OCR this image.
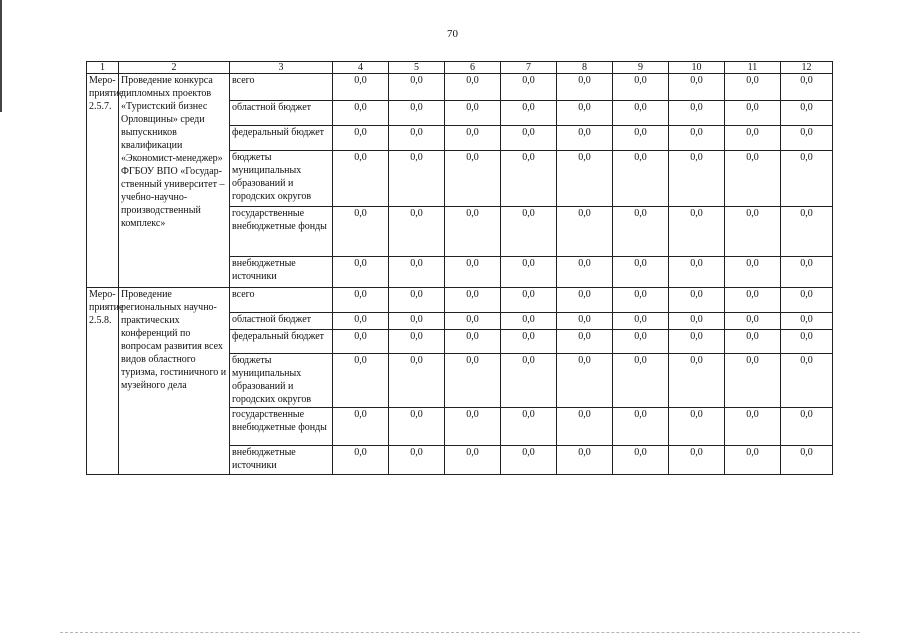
70
1	2	3	4	5	6	7	8	9	10	11	12
Меро-приятие 2.5.7.	Проведение конкурса дипломных проектов «Туристский бизнес Орловщины» среди выпускников квалификации «Экономист-менеджер» ФГБОУ ВПО «Государ-ственный университет – учебно-научно-производственный комплекс»	всего	0,0	0,0	0,0	0,0	0,0	0,0	0,0	0,0	0,0
		областной бюджет	0,0	0,0	0,0	0,0	0,0	0,0	0,0	0,0	0,0
		федеральный бюджет	0,0	0,0	0,0	0,0	0,0	0,0	0,0	0,0	0,0
		бюджеты муниципальных образований и городских округов	0,0	0,0	0,0	0,0	0,0	0,0	0,0	0,0	0,0
		государственные внебюджетные фонды	0,0	0,0	0,0	0,0	0,0	0,0	0,0	0,0	0,0
		внебюджетные источники	0,0	0,0	0,0	0,0	0,0	0,0	0,0	0,0	0,0
Меро-приятие 2.5.8.	Проведение региональных научно-практических конференций по вопросам развития всех видов областного туризма, гостиничного и музейного дела	всего	0,0	0,0	0,0	0,0	0,0	0,0	0,0	0,0	0,0
		областной бюджет	0,0	0,0	0,0	0,0	0,0	0,0	0,0	0,0	0,0
		федеральный бюджет	0,0	0,0	0,0	0,0	0,0	0,0	0,0	0,0	0,0
		бюджеты муниципальных образований и городских округов	0,0	0,0	0,0	0,0	0,0	0,0	0,0	0,0	0,0
		государственные внебюджетные фонды	0,0	0,0	0,0	0,0	0,0	0,0	0,0	0,0	0,0
		внебюджетные источники	0,0	0,0	0,0	0,0	0,0	0,0	0,0	0,0	0,0
